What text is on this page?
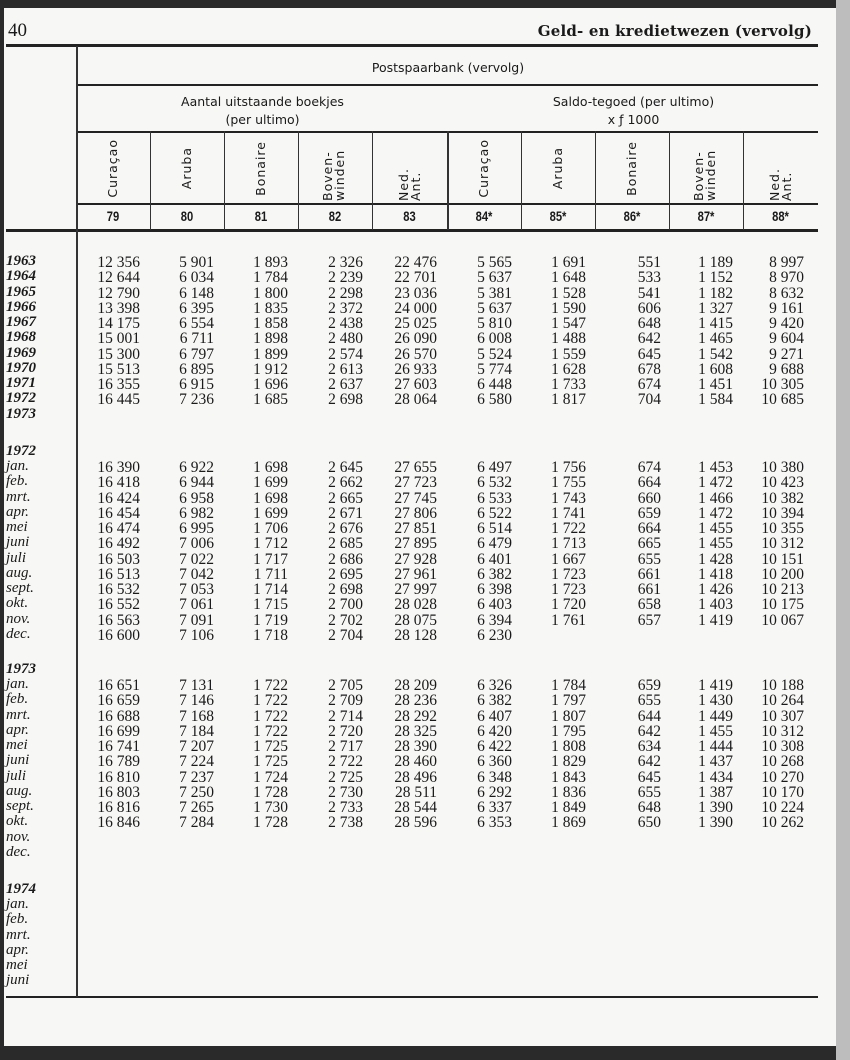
40	Geld- en kredietwezen (vervolg)
Postspaarbank (vervolg)
Aantal uitstaande boekjes
(per ultimo)
Saldo-tegoed (per ultimo)
x ƒ 1000
Curaçao
79
Aruba
80
Bonaire
81
Boven- winden
82
Ned. Ant.
83
Curaçao
84*
Aruba
85*
Bonaire
86*
Boven- winden
87*
Ned. Ant.
88*
1963	12 356	5 901	1 893	2 326	22 476	5 565	1 691	551	1 189	8 997
1964	12 644	6 034	1 784	2 239	22 701	5 637	1 648	533	1 152	8 970
1965	12 790	6 148	1 800	2 298	23 036	5 381	1 528	541	1 182	8 632
1966	13 398	6 395	1 835	2 372	24 000	5 637	1 590	606	1 327	9 161
1967	14 175	6 554	1 858	2 438	25 025	5 810	1 547	648	1 415	9 420
1968	15 001	6 711	1 898	2 480	26 090	6 008	1 488	642	1 465	9 604
1969	15 300	6 797	1 899	2 574	26 570	5 524	1 559	645	1 542	9 271
1970	15 513	6 895	1 912	2 613	26 933	5 774	1 628	678	1 608	9 688
1971	16 355	6 915	1 696	2 637	27 603	6 448	1 733	674	1 451	10 305
1972	16 445	7 236	1 685	2 698	28 064	6 580	1 817	704	1 584	10 685
1973
1972
jan.	16 390	6 922	1 698	2 645	27 655	6 497	1 756	674	1 453	10 380
feb.	16 418	6 944	1 699	2 662	27 723	6 532	1 755	664	1 472	10 423
mrt.	16 424	6 958	1 698	2 665	27 745	6 533	1 743	660	1 466	10 382
apr.	16 454	6 982	1 699	2 671	27 806	6 522	1 741	659	1 472	10 394
mei	16 474	6 995	1 706	2 676	27 851	6 514	1 722	664	1 455	10 355
juni	16 492	7 006	1 712	2 685	27 895	6 479	1 713	665	1 455	10 312
juli	16 503	7 022	1 717	2 686	27 928	6 401	1 667	655	1 428	10 151
aug.	16 513	7 042	1 711	2 695	27 961	6 382	1 723	661	1 418	10 200
sept.	16 532	7 053	1 714	2 698	27 997	6 398	1 723	661	1 426	10 213
okt.	16 552	7 061	1 715	2 700	28 028	6 403	1 720	658	1 403	10 175
nov.	16 563	7 091	1 719	2 702	28 075	6 394	1 761	657	1 419	10 067
dec.	16 600	7 106	1 718	2 704	28 128	6 230
1973
jan.	16 651	7 131	1 722	2 705	28 209	6 326	1 784	659	1 419	10 188
feb.	16 659	7 146	1 722	2 709	28 236	6 382	1 797	655	1 430	10 264
mrt.	16 688	7 168	1 722	2 714	28 292	6 407	1 807	644	1 449	10 307
apr.	16 699	7 184	1 722	2 720	28 325	6 420	1 795	642	1 455	10 312
mei	16 741	7 207	1 725	2 717	28 390	6 422	1 808	634	1 444	10 308
juni	16 789	7 224	1 725	2 722	28 460	6 360	1 829	642	1 437	10 268
juli	16 810	7 237	1 724	2 725	28 496	6 348	1 843	645	1 434	10 270
aug.	16 803	7 250	1 728	2 730	28 511	6 292	1 836	655	1 387	10 170
sept.	16 816	7 265	1 730	2 733	28 544	6 337	1 849	648	1 390	10 224
okt.	16 846	7 284	1 728	2 738	28 596	6 353	1 869	650	1 390	10 262
nov.
dec.
1974
jan.
feb.
mrt.
apr.
mei
juni
